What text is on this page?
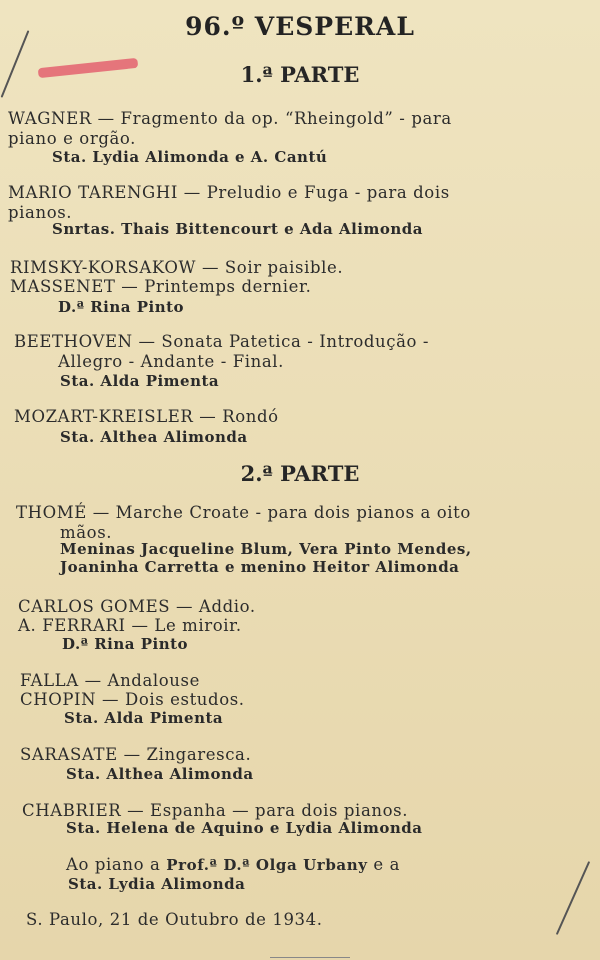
96.º VESPERAL
1.ª PARTE
WAGNER — Fragmento da op. “Rheingold” - para
piano e orgão.
Sta. Lydia Alimonda e A. Cantú
MARIO TARENGHI — Preludio e Fuga - para dois
pianos.
Snrtas. Thais Bittencourt e Ada Alimonda
RIMSKY-KORSAKOW — Soir paisible.
MASSENET — Printemps dernier.
D.ª Rina Pinto
BEETHOVEN — Sonata Patetica - Introdução -
Allegro - Andante - Final.
Sta. Alda Pimenta
MOZART-KREISLER — Rondó
Sta. Althea Alimonda
2.ª PARTE
THOMÉ — Marche Croate - para dois pianos a oito
mãos.
Meninas Jacqueline Blum, Vera Pinto Mendes,
Joaninha Carretta e menino Heitor Alimonda
CARLOS GOMES — Addio.
A. FERRARI — Le miroir.
D.ª Rina Pinto
FALLA — Andalouse
CHOPIN — Dois estudos.
Sta. Alda Pimenta
SARASATE — Zingaresca.
Sta. Althea Alimonda
CHABRIER — Espanha — para dois pianos.
Sta. Helena de Aquino e Lydia Alimonda
Ao piano a Prof.ª D.ª Olga Urbany e a
Sta. Lydia Alimonda
S. Paulo, 21 de Outubro de 1934.
